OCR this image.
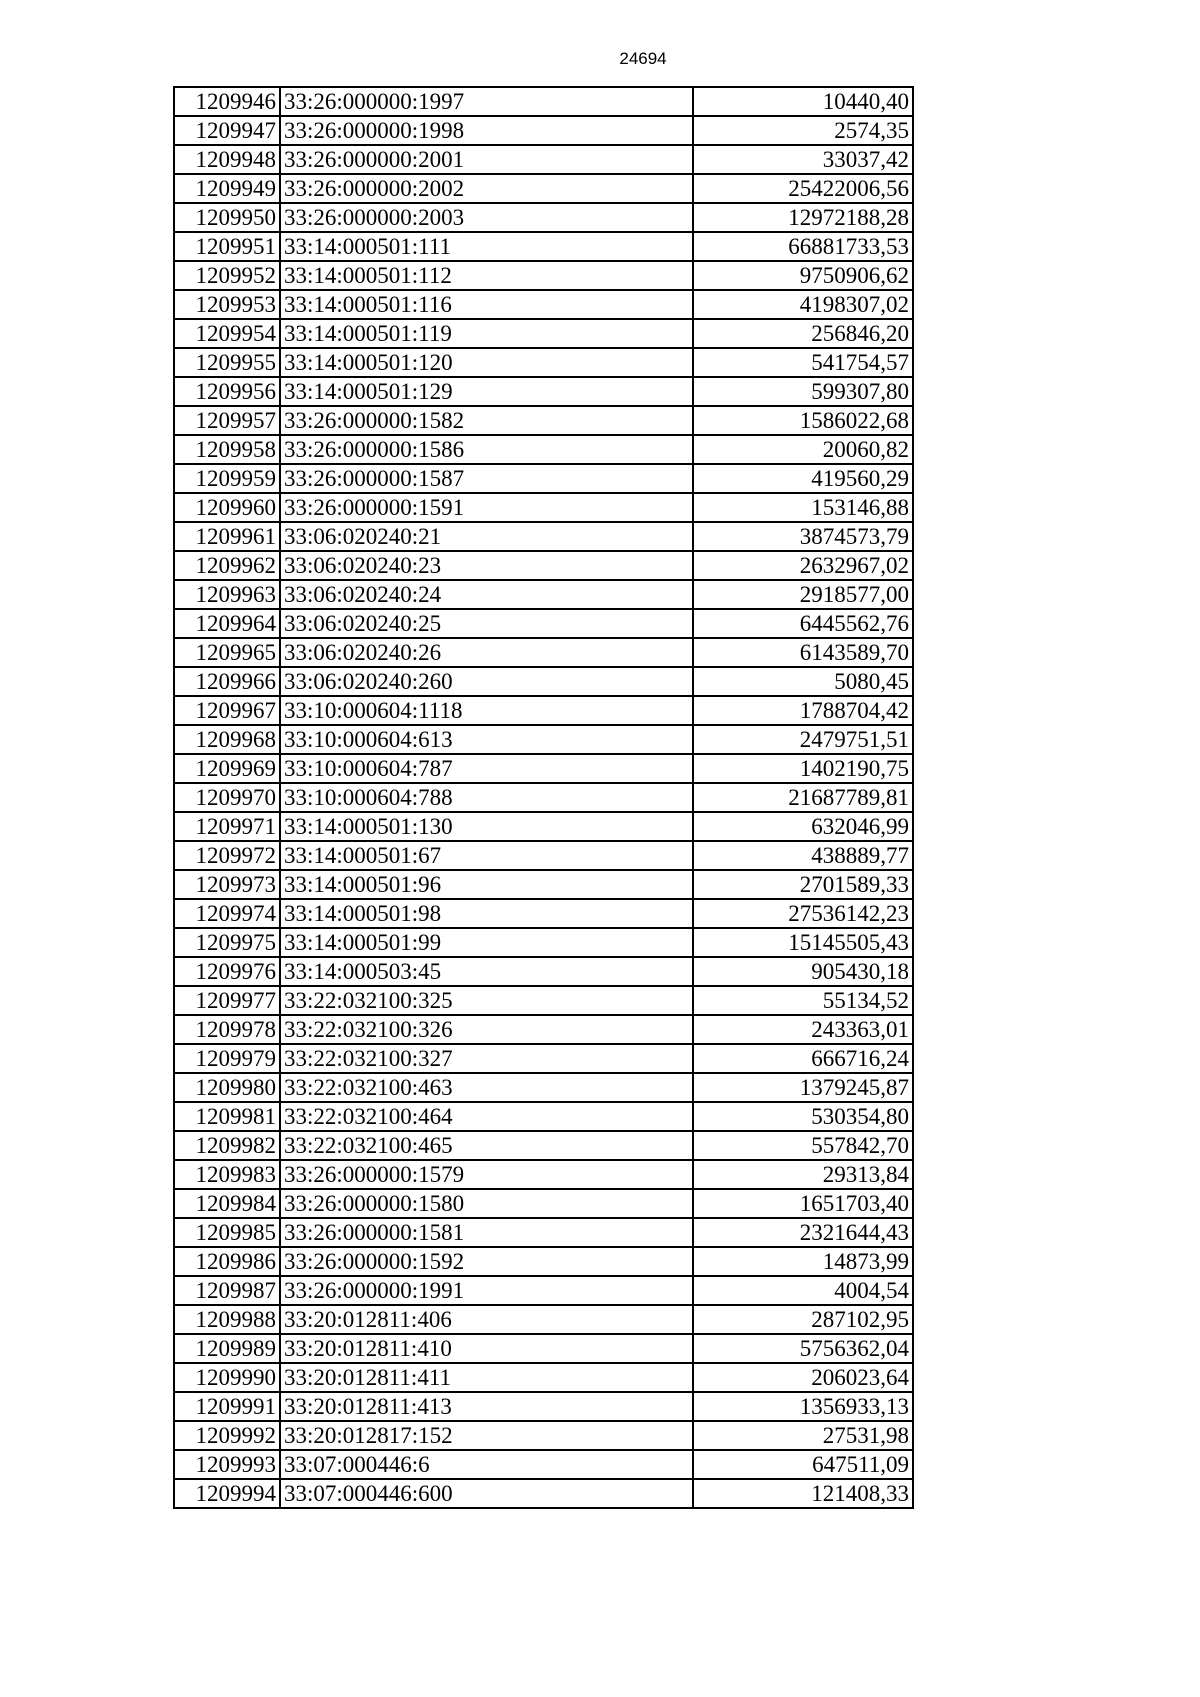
24694
1209946	33:26:000000:1997	10440,40
1209947	33:26:000000:1998	2574,35
1209948	33:26:000000:2001	33037,42
1209949	33:26:000000:2002	25422006,56
1209950	33:26:000000:2003	12972188,28
1209951	33:14:000501:111	66881733,53
1209952	33:14:000501:112	9750906,62
1209953	33:14:000501:116	4198307,02
1209954	33:14:000501:119	256846,20
1209955	33:14:000501:120	541754,57
1209956	33:14:000501:129	599307,80
1209957	33:26:000000:1582	1586022,68
1209958	33:26:000000:1586	20060,82
1209959	33:26:000000:1587	419560,29
1209960	33:26:000000:1591	153146,88
1209961	33:06:020240:21	3874573,79
1209962	33:06:020240:23	2632967,02
1209963	33:06:020240:24	2918577,00
1209964	33:06:020240:25	6445562,76
1209965	33:06:020240:26	6143589,70
1209966	33:06:020240:260	5080,45
1209967	33:10:000604:1118	1788704,42
1209968	33:10:000604:613	2479751,51
1209969	33:10:000604:787	1402190,75
1209970	33:10:000604:788	21687789,81
1209971	33:14:000501:130	632046,99
1209972	33:14:000501:67	438889,77
1209973	33:14:000501:96	2701589,33
1209974	33:14:000501:98	27536142,23
1209975	33:14:000501:99	15145505,43
1209976	33:14:000503:45	905430,18
1209977	33:22:032100:325	55134,52
1209978	33:22:032100:326	243363,01
1209979	33:22:032100:327	666716,24
1209980	33:22:032100:463	1379245,87
1209981	33:22:032100:464	530354,80
1209982	33:22:032100:465	557842,70
1209983	33:26:000000:1579	29313,84
1209984	33:26:000000:1580	1651703,40
1209985	33:26:000000:1581	2321644,43
1209986	33:26:000000:1592	14873,99
1209987	33:26:000000:1991	4004,54
1209988	33:20:012811:406	287102,95
1209989	33:20:012811:410	5756362,04
1209990	33:20:012811:411	206023,64
1209991	33:20:012811:413	1356933,13
1209992	33:20:012817:152	27531,98
1209993	33:07:000446:6	647511,09
1209994	33:07:000446:600	121408,33
